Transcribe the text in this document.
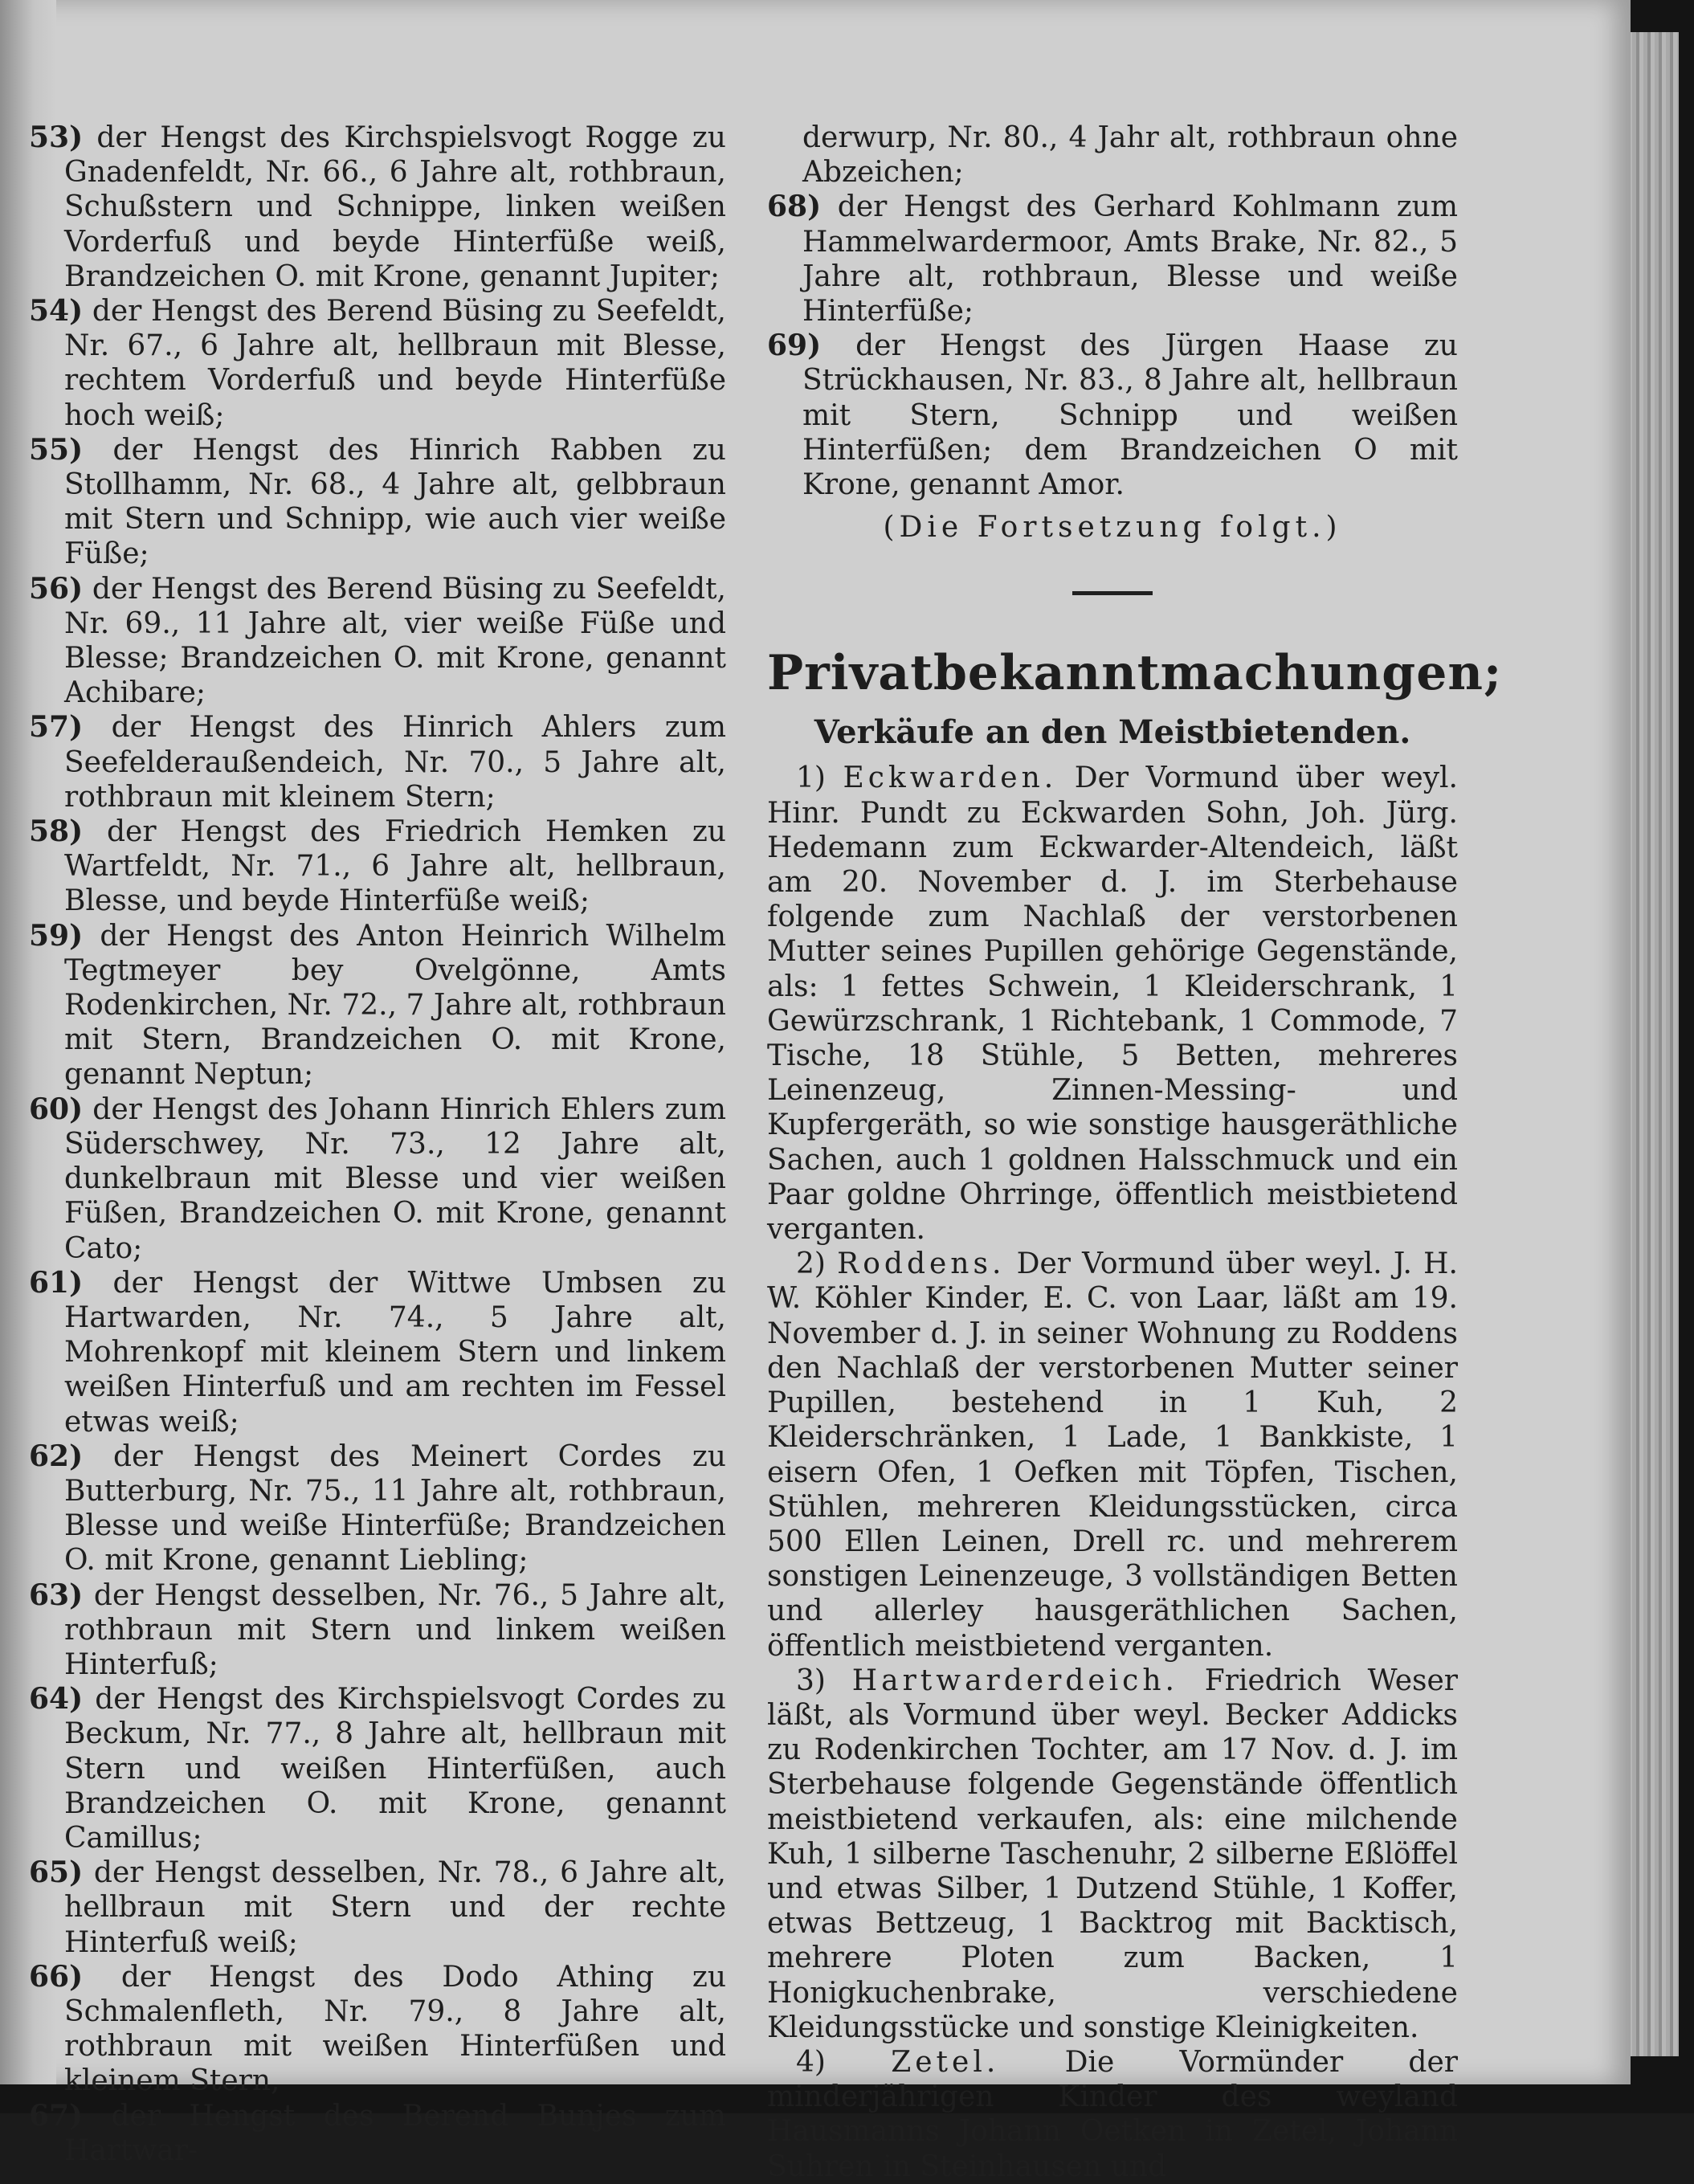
53) der Hengst des Kirchspielsvogt Rogge zu Gnadenfeldt, Nr. 66., 6 Jahre alt, rothbraun, Schußstern und Schnippe, linken weißen Vorderfuß und beyde Hinterfüße weiß, Brandzeichen O. mit Krone, genannt Jupiter;

54) der Hengst des Berend Büsing zu Seefeldt, Nr. 67., 6 Jahre alt, hellbraun mit Blesse, rechtem Vorderfuß und beyde Hinterfüße hoch weiß;

55) der Hengst des Hinrich Rabben zu Stollhamm, Nr. 68., 4 Jahre alt, gelbbraun mit Stern und Schnipp, wie auch vier weiße Füße;

56) der Hengst des Berend Büsing zu Seefeldt, Nr. 69., 11 Jahre alt, vier weiße Füße und Blesse; Brandzeichen O. mit Krone, genannt Achibare;

57) der Hengst des Hinrich Ahlers zum Seefelderaußendeich, Nr. 70., 5 Jahre alt, rothbraun mit kleinem Stern;

58) der Hengst des Friedrich Hemken zu Wartfeldt, Nr. 71., 6 Jahre alt, hellbraun, Blesse, und beyde Hinterfüße weiß;

59) der Hengst des Anton Heinrich Wilhelm Tegtmeyer bey Ovelgönne, Amts Rodenkirchen, Nr. 72., 7 Jahre alt, rothbraun mit Stern, Brandzeichen O. mit Krone, genannt Neptun;

60) der Hengst des Johann Hinrich Ehlers zum Süderschwey, Nr. 73., 12 Jahre alt, dunkelbraun mit Blesse und vier weißen Füßen, Brandzeichen O. mit Krone, genannt Cato;

61) der Hengst der Wittwe Umbsen zu Hartwarden, Nr. 74., 5 Jahre alt, Mohrenkopf mit kleinem Stern und linkem weißen Hinterfuß und am rechten im Fessel etwas weiß;

62) der Hengst des Meinert Cordes zu Butterburg, Nr. 75., 11 Jahre alt, rothbraun, Blesse und weiße Hinterfüße; Brandzeichen O. mit Krone, genannt Liebling;

63) der Hengst desselben, Nr. 76., 5 Jahre alt, rothbraun mit Stern und linkem weißen Hinterfuß;

64) der Hengst des Kirchspielsvogt Cordes zu Beckum, Nr. 77., 8 Jahre alt, hellbraun mit Stern und weißen Hinterfüßen, auch Brandzeichen O. mit Krone, genannt Camillus;

65) der Hengst desselben, Nr. 78., 6 Jahre alt, hellbraun mit Stern und der rechte Hinterfuß weiß;

66) der Hengst des Dodo Athing zu Schmalenfleth, Nr. 79., 8 Jahre alt, rothbraun mit weißen Hinterfüßen und kleinem Stern,

67) der Hengst des Berend Bunjes zum Hartwar-

derwurp, Nr. 80., 4 Jahr alt, rothbraun ohne Abzeichen;

68) der Hengst des Gerhard Kohlmann zum Hammelwardermoor, Amts Brake, Nr. 82., 5 Jahre alt, rothbraun, Blesse und weiße Hinterfüße;

69) der Hengst des Jürgen Haase zu Strückhausen, Nr. 83., 8 Jahre alt, hellbraun mit Stern, Schnipp und weißen Hinterfüßen; dem Brandzeichen O mit Krone, genannt Amor.

(Die Fortsetzung folgt.)

Privatbekanntmachungen;
Verkäufe an den Meistbietenden.

1) Eckwarden. Der Vormund über weyl. Hinr. Pundt zu Eckwarden Sohn, Joh. Jürg. Hedemann zum Eckwarder-Altendeich, läßt am 20. November d. J. im Sterbehause folgende zum Nachlaß der verstorbenen Mutter seines Pupillen gehörige Gegenstände, als: 1 fettes Schwein, 1 Kleiderschrank, 1 Gewürzschrank, 1 Richtebank, 1 Commode, 7 Tische, 18 Stühle, 5 Betten, mehreres Leinenzeug, Zinnen-Messing- und Kupfergeräth, so wie sonstige hausgeräthliche Sachen, auch 1 goldnen Halsschmuck und ein Paar goldne Ohrringe, öffentlich meistbietend verganten.

2) Roddens. Der Vormund über weyl. J. H. W. Köhler Kinder, E. C. von Laar, läßt am 19. November d. J. in seiner Wohnung zu Roddens den Nachlaß der verstorbenen Mutter seiner Pupillen, bestehend in 1 Kuh, 2 Kleiderschränken, 1 Lade, 1 Bankkiste, 1 eisern Ofen, 1 Oefken mit Töpfen, Tischen, Stühlen, mehreren Kleidungsstücken, circa 500 Ellen Leinen, Drell rc. und mehrerem sonstigen Leinenzeuge, 3 vollständigen Betten und allerley hausgeräthlichen Sachen, öffentlich meistbietend verganten.

3) Hartwarderdeich. Friedrich Weser läßt, als Vormund über weyl. Becker Addicks zu Rodenkirchen Tochter, am 17 Nov. d. J. im Sterbehause folgende Gegenstände öffentlich meistbietend verkaufen, als: eine milchende Kuh, 1 silberne Taschenuhr, 2 silberne Eßlöffel und etwas Silber, 1 Dutzend Stühle, 1 Koffer, etwas Bettzeug, 1 Backtrog mit Backtisch, mehrere Ploten zum Backen, 1 Honigkuchenbrake, verschiedene Kleidungsstücke und sonstige Kleinigkeiten.

4) Zetel. Die Vormünder der minderjährigen Kinder des weyland Hausmanns Johann Oetken in Zetel, Johann Suhren in Steinhausen und
